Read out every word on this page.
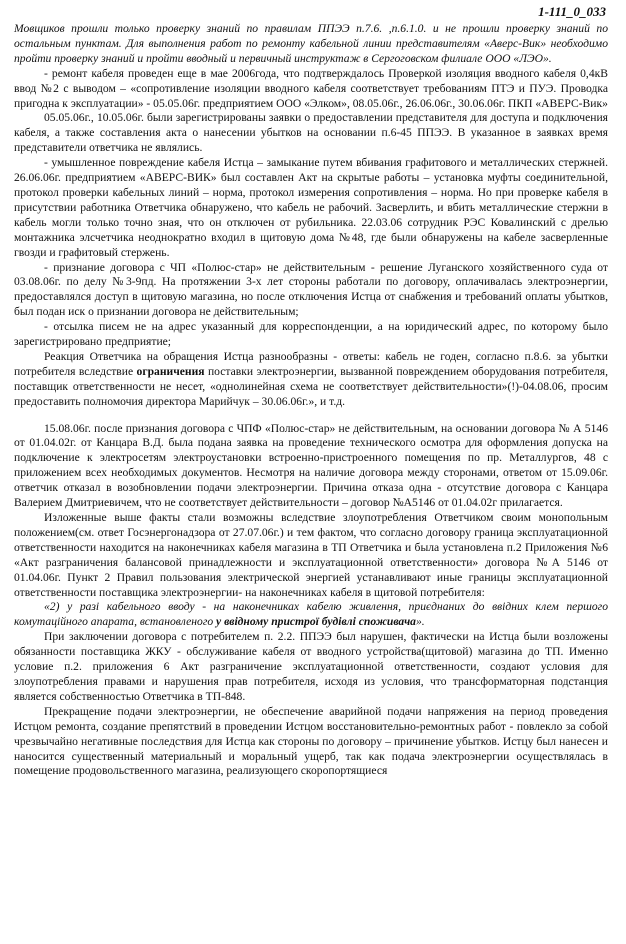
1-111_0_033

Мовщиков прошли только проверку знаний по правилам ППЭЭ п.7.6. ,п.6.1.0. и не прошли проверку знаний по остальным пунктам. Для выполнения работ по ремонту кабельной линии представителям «Аверс-Вик» необходимо пройти проверку знаний и пройти вводный и первичный инструктаж в Сергоговском филиале ООО «ЛЭО».

- ремонт кабеля проведен еще в мае 2006года, что подтверждалось Проверкой изоляция вводного кабеля 0,4кВ ввод №2 с выводом – «сопротивление изоляции вводного кабеля соответствует требованиям ПТЭ и ПУЭ. Проводка пригодна к эксплуатации» - 05.05.06г. предприятием ООО «Элком», 08.05.06г., 26.06.06г., 30.06.06г. ПКП «АВЕРС-Вик»

05.05.06г., 10.05.06г. были зарегистрированы заявки о предоставлении представителя для доступа и подключения кабеля, а также составления акта о нанесении убытков на основании п.6-45 ППЭЭ. В указанное в заявках время представители ответчика не являлись.

- умышленное повреждение кабеля Истца – замыкание путем вбивания графитового и металлических стержней. 26.06.06г. предприятием «АВЕРС-ВИК» был составлен Акт на скрытые работы – установка муфты соединительной, протокол проверки кабельных линий – норма, протокол измерения сопротивления – норма. Но при проверке кабеля в присутствии работника Ответчика обнаружено, что кабель не рабочий. Засверлить, и вбить металлические стержни в кабель могли только точно зная, что он отключен от рубильника. 22.03.06 сотрудник РЭС Ковалинский с дрелью монтажника элсчетчика неоднократно входил в щитовую дома №48, где были обнаружены на кабеле засверленные гвозди и графитовый стержень.

- признание договора с ЧП «Полюс-стар» не действительным - решение Луганского хозяйственного суда от 03.08.06г. по делу №3-9пд. На протяжении 3-х лет стороны работали по договору, оплачивалась электроэнергии, предоставлялся доступ в щитовую магазина, но после отключения Истца от снабжения и требований оплаты убытков, был подан иск о признании договора не действительным;

- отсылка писем не на адрес указанный для корреспонденции, а на юридический адрес, по которому было зарегистрировано предприятие;

Реакция Ответчика на обращения Истца разнообразны - ответы: кабель не годен, согласно п.8.6. за убытки потребителя вследствие ограничения поставки электроэнергии, вызванной повреждением оборудования потребителя, поставщик ответственности не несет, «однолинейная схема не соответствует действительности»(!)-04.08.06, просим предоставить полномочия директора Марийчук – 30.06.06г.», и т.д.

15.08.06г. после признания договора с ЧПФ «Полюс-стар» не действительным, на основании договора № А 5146 от 01.04.02г. от Канцара В.Д. была подана заявка на проведение технического осмотра для оформления допуска на подключение к электросетям электроустановки встроенно-пристроенного помещения по пр. Металлургов, 48 с приложением всех необходимых документов. Несмотря на наличие договора между сторонами, ответом от 15.09.06г. ответчик отказал в возобновлении подачи электроэнергии. Причина отказа одна - отсутствие договора с Канцара Валерием Дмитриевичем, что не соответствует действительности – договор №А5146 от 01.04.02г прилагается.

Изложенные выше факты стали возможны вследствие злоупотребления Ответчиком своим монопольным положением(см. ответ Госэнергонадзора от 27.07.06г.) и тем фактом, что согласно договору граница эксплуатационной ответственности находится на наконечниках кабеля магазина в ТП Ответчика и была установлена п.2 Приложения №6 «Акт разграничения балансовой принадлежности и эксплуатационной ответственности» договора №А 5146 от 01.04.06г. Пункт 2 Правил пользования электрической энергией устанавливают иные границы эксплуатационной ответственности поставщика электроэнергии- на наконечниках кабеля в щитовой потребителя:

«2) у разі кабельного вводу - на наконечниках кабелю живлення, приєднаних до ввідних клем першого комутаційного апарата, встановленого у ввідному пристрої будівлі споживача».

При заключении договора с потребителем п. 2.2. ППЭЭ был нарушен, фактически на Истца были возложены обязанности поставщика ЖКУ - обслуживание кабеля от вводного устройства(щитовой) магазина до ТП. Именно условие п.2. приложения 6 Акт разграничение эксплуатационной ответственности, создают условия для злоупотребления правами и нарушения прав потребителя, исходя из условия, что трансформаторная подстанция является собственностью Ответчика в ТП-848.

Прекращение подачи электроэнергии, не обеспечение аварийной подачи напряжения на период проведения Истцом ремонта, создание препятствий в проведении Истцом восстановительно-ремонтных работ - повлекло за собой чрезвычайно негативные последствия для Истца как стороны по договору – причинение убытков. Истцу был нанесен и наносится существенный материальный и моральный ущерб, так как подача электроэнергии осуществлялась в помещение продовольственного магазина, реализующего скоропортящиеся
